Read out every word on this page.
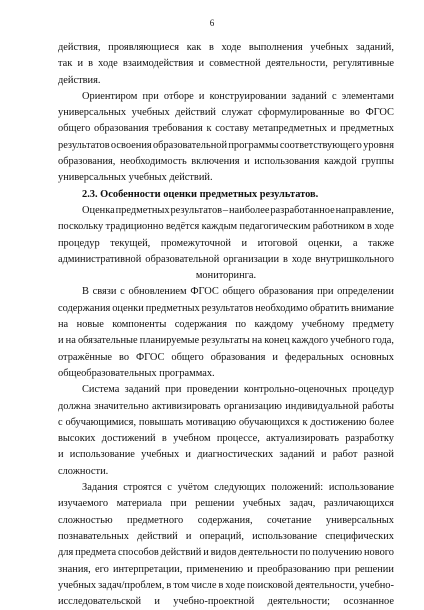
6
действия, проявляющиеся как в ходе выполнения учебных заданий,
так и в ходе взаимодействия и совместной деятельности, регулятивные
действия.
Ориентиром при отборе и конструировании заданий с элементами
универсальных учебных действий служат сформулированные во ФГОС
общего образования требования к составу метапредметных и предметных
результатов освоения образовательной программы соответствующего уровня
образования, необходимость включения и использования каждой группы
универсальных учебных действий.
2.3. Особенности оценки предметных результатов.
Оценка предметных результатов – наиболее разработанное направление,
поскольку традиционно ведётся каждым педагогическим работником в ходе
процедур текущей, промежуточной и итоговой оценки, а также
административной образовательной организации в ходе внутришкольного
мониторинга.
В связи с обновлением ФГОС общего образования при определении
содержания оценки предметных результатов необходимо обратить внимание
на новые компоненты содержания по каждому учебному предмету
и на обязательные планируемые результаты на конец каждого учебного года,
отражённые во ФГОС общего образования и федеральных основных
общеобразовательных программах.
Система заданий при проведении контрольно-оценочных процедур
должна значительно активизировать организацию индивидуальной работы
с обучающимися, повышать мотивацию обучающихся к достижению более
высоких достижений в учебном процессе, актуализировать разработку
и использование учебных и диагностических заданий и работ разной
сложности.
Задания строятся с учётом следующих положений: использование
изучаемого материала при решении учебных задач, различающихся
сложностью предметного содержания, сочетание универсальных
познавательных действий и операций, использование специфических
для предмета способов действий и видов деятельности по получению нового
знания, его интерпретации, применению и преобразованию при решении
учебных задач/проблем, в том числе в ходе поисковой деятельности, учебно-
исследовательской и учебно-проектной деятельности; осознанное
